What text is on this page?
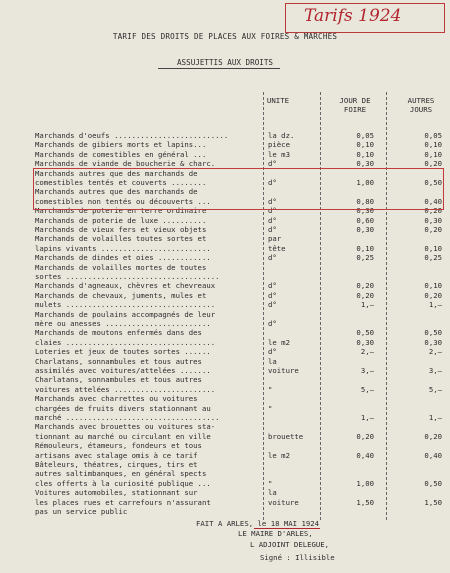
Tarifs 1924
TARIF DES DROITS DE PLACES AUX FOIRES & MARCHES
ASSUJETTIS AUX DROITS
UNITE	JOUR DE
FOIRE
AUTRES
JOURS
Marchands d'oeufs ..........................
Marchands de gibiers morts et lapins...
Marchands de comestibles en général ...
Marchands de viande de boucherie & charc.
Marchands autres que des marchands de
comestibles tentés et couverts ........
Marchands autres que des marchands de
comestibles non tentés ou découverts ...
Marchands de poterie en terre ordinaire
Marchands de poterie de luxe ..........
Marchands de vieux fers et vieux objets
Marchands de volailles toutes sortes et
lapins vivants .........................
Marchands de dindes et oies ............
Marchands de volailles mortes de toutes
sortes ...................................
Marchands d'agneaux, chèvres et chevreaux
Marchands de chevaux, juments, mules et
mulets ..................................
Marchands de poulains accompagnés de leur
mère ou anesses ........................
Marchands de moutons enfermés dans des
claies ..................................
Loteries et jeux de toutes sortes ......
Charlatans, sonnambules et tous autres
assimilés avec voitures/attelées .......
Charlatans, sonnambules et tous autres
voitures attelées .......................
Marchands avec charrettes ou voitures
chargées de fruits divers stationnant au
marché ...................................
Marchands avec brouettes ou voitures sta-
tionnant au marché ou circulant en ville
Rémouleurs, étameurs, fondeurs et tous
artisans avec stalage omis à ce tarif
Bâteleurs, théatres, cirques, tirs et
autres saltimbanques, en général spects
cles offerts à la curiosité publique ...
Voitures automobiles, stationnant sur
les places rues et carrefours n'assurant
pas un service public
la dz.
pièce
le m3
d°
d°
d°
d°
d°
d°
par
tête
d°
d°
d°
d°
d°
le m2
d°
la
voiture
"
"
brouette
le m2
"
la
voiture
0,05
0,10
0,10
0,30
1,00
0,80
0,30
0,60
0,30
0,10
0,25
0,20
0,20
1,—
0,50
0,30
2,—
3,—
5,—
1,—
0,20
0,40
1,00
1,50
0,05
0,10
0,10
0,20
0,50
0,40
0,20
0,30
0,20
0,10
0,25
0,10
0,20
1,—
0,50
0,30
2,—
3,—
5,—
1,—
0,20
0,40
0,50
1,50
FAIT A ARLES, le 18 MAI 1924
LE MAIRE D'ARLES,
L ADJOINT DELEGUE,
Signé : Illisible
